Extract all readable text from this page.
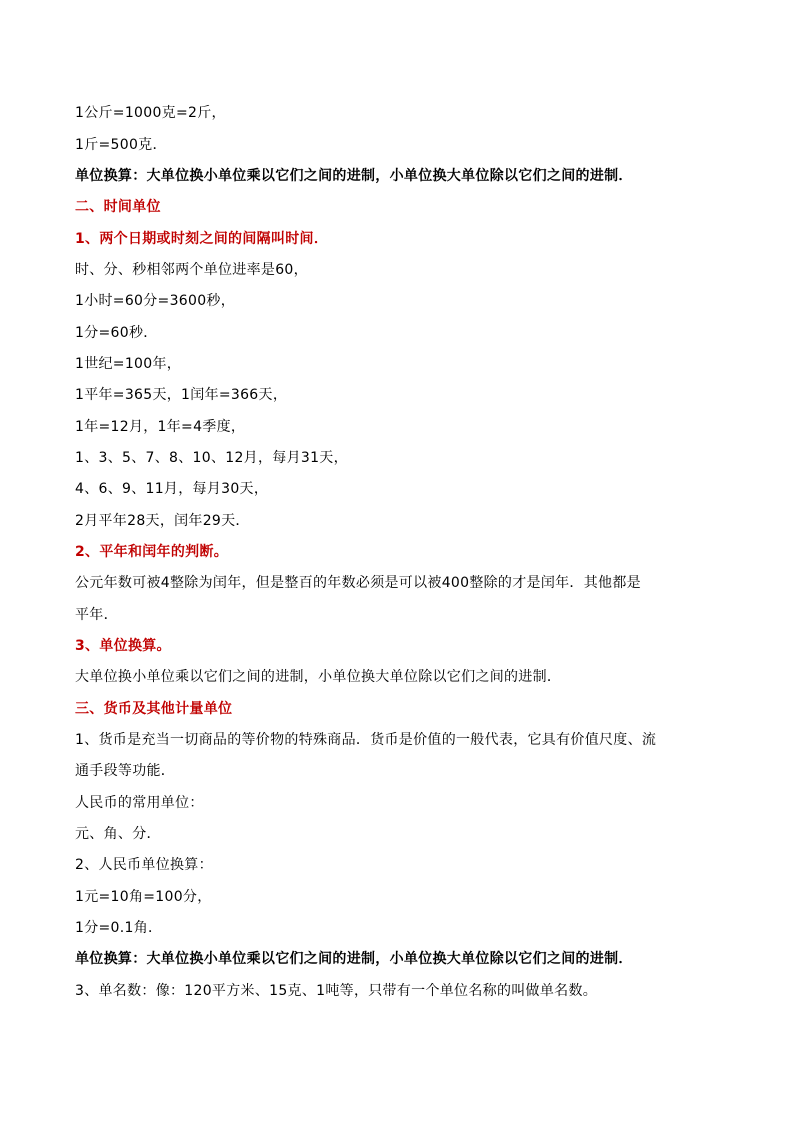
1公斤=1000克=2斤，
1斤=500克．
单位换算：大单位换小单位乘以它们之间的进制，小单位换大单位除以它们之间的进制．
二、时间单位
1、两个日期或时刻之间的间隔叫时间．
时、分、秒相邻两个单位进率是60，
1小时=60分=3600秒，
1分=60秒．
1世纪=100年，
1平年=365天，1闰年=366天，
1年=12月，1年=4季度，
1、3、5、7、8、10、12月，每月31天，
4、6、9、11月，每月30天，
2月平年28天，闰年29天．
2、平年和闰年的判断。
公元年数可被4整除为闰年，但是整百的年数必须是可以被400整除的才是闰年．其他都是
平年．
3、单位换算。
大单位换小单位乘以它们之间的进制，小单位换大单位除以它们之间的进制．
三、货币及其他计量单位
1、货币是充当一切商品的等价物的特殊商品．货币是价值的一般代表，它具有价值尺度、流
通手段等功能．
人民币的常用单位：
元、角、分．
2、人民币单位换算：
1元=10角=100分，
1分=0.1角．
单位换算：大单位换小单位乘以它们之间的进制，小单位换大单位除以它们之间的进制．
3、单名数：像：120平方米、15克、1吨等，只带有一个单位名称的叫做单名数。
